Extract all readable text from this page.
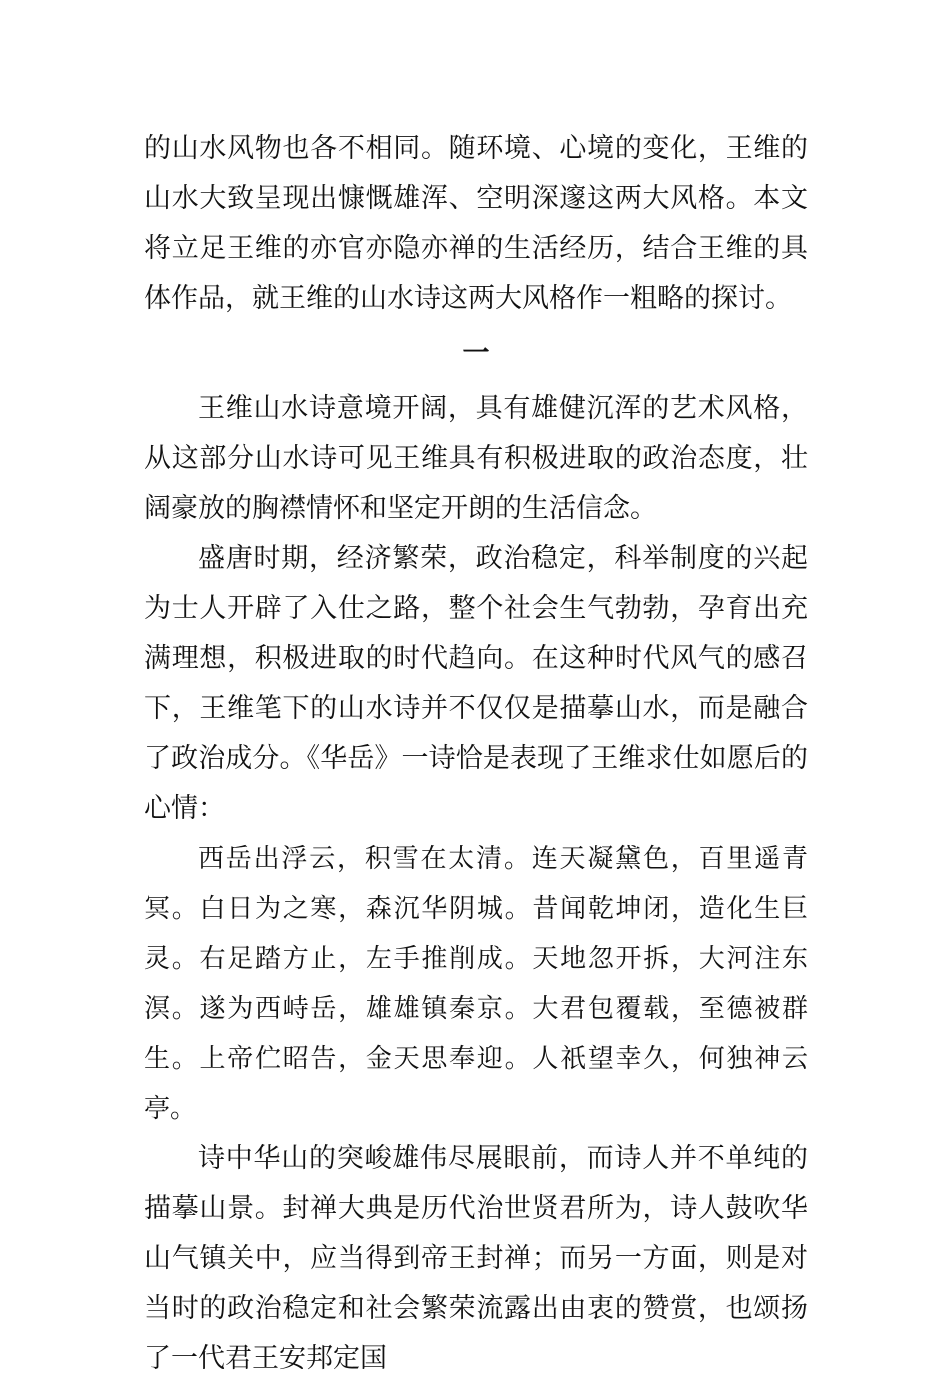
的山水风物也各不相同。随环境、心境的变化，王维的山水大致呈现出慷慨雄浑、空明深邃这两大风格。本文将立足王维的亦官亦隐亦禅的生活经历，结合王维的具体作品，就王维的山水诗这两大风格作一粗略的探讨。

一

王维山水诗意境开阔，具有雄健沉浑的艺术风格，从这部分山水诗可见王维具有积极进取的政治态度，壮阔豪放的胸襟情怀和坚定开朗的生活信念。

盛唐时期，经济繁荣，政治稳定，科举制度的兴起为士人开辟了入仕之路，整个社会生气勃勃，孕育出充满理想，积极进取的时代趋向。在这种时代风气的感召下，王维笔下的山水诗并不仅仅是描摹山水，而是融合了政治成分。《华岳》一诗恰是表现了王维求仕如愿后的心情：

西岳出浮云，积雪在太清。连天凝黛色，百里遥青冥。白日为之寒，森沉华阴城。昔闻乾坤闭，造化生巨灵。右足踏方止，左手推削成。天地忽开拆，大河注东溟。遂为西峙岳，雄雄镇秦京。大君包覆载，至德被群生。上帝伫昭告，金天思奉迎。人祇望幸久，何独神云亭。

诗中华山的突峻雄伟尽展眼前，而诗人并不单纯的描摹山景。封禅大典是历代治世贤君所为，诗人鼓吹华山气镇关中，应当得到帝王封禅；而另一方面，则是对当时的政治稳定和社会繁荣流露出由衷的赞赏，也颂扬了一代君王安邦定国
